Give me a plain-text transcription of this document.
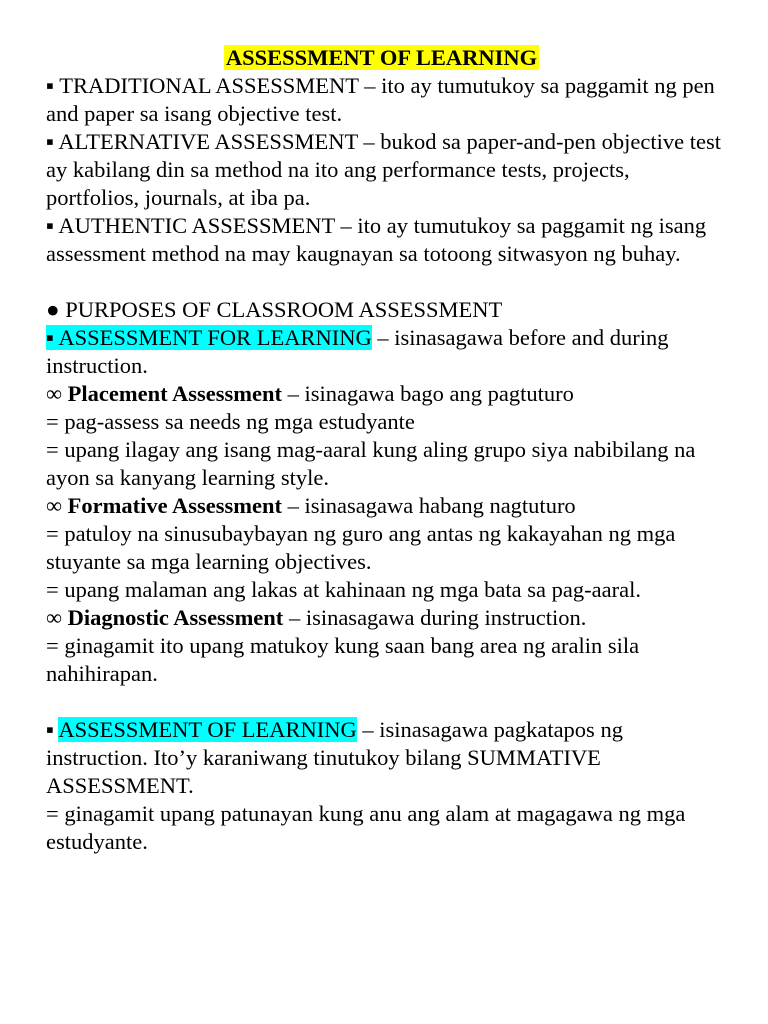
ASSESSMENT OF LEARNING

▪ TRADITIONAL ASSESSMENT – ito ay tumutukoy sa paggamit ng pen and paper sa isang objective test.

▪ ALTERNATIVE ASSESSMENT – bukod sa paper-and-pen objective test ay kabilang din sa method na ito ang performance tests, projects, portfolios, journals, at iba pa.

▪ AUTHENTIC ASSESSMENT – ito ay tumutukoy sa paggamit ng isang assessment method na may kaugnayan sa totoong sitwasyon ng buhay.

● PURPOSES OF CLASSROOM ASSESSMENT

▪ ASSESSMENT FOR LEARNING – isinasagawa before and during instruction.

∞ Placement Assessment – isinagawa bago ang pagtuturo

= pag-assess sa needs ng mga estudyante

= upang ilagay ang isang mag-aaral kung aling grupo siya nabibilang na ayon sa kanyang learning style.

∞ Formative Assessment – isinasagawa habang nagtuturo

= patuloy na sinusubaybayan ng guro ang antas ng kakayahan ng mga stuyante sa mga learning objectives.

= upang malaman ang lakas at kahinaan ng mga bata sa pag-aaral.

∞ Diagnostic Assessment – isinasagawa during instruction.

= ginagamit ito upang matukoy kung saan bang area ng aralin sila nahihirapan.

▪ ASSESSMENT OF LEARNING – isinasagawa pagkatapos ng instruction. Ito’y karaniwang tinutukoy bilang SUMMATIVE ASSESSMENT.

= ginagamit upang patunayan kung anu ang alam at magagawa ng mga estudyante.
